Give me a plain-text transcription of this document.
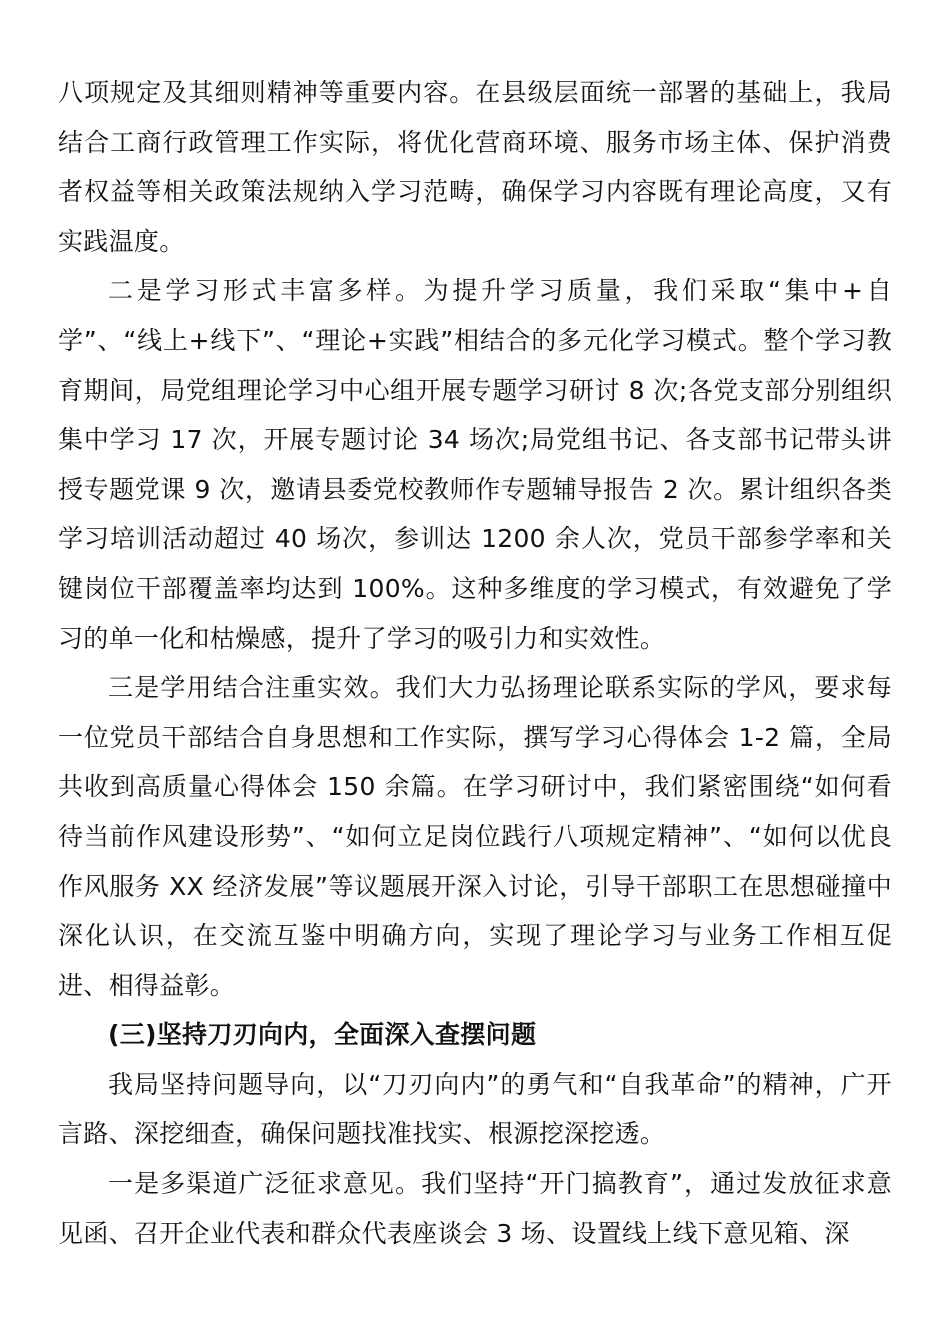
八项规定及其细则精神等重要内容。在县级层面统一部署的基础上，我局结合工商行政管理工作实际，将优化营商环境、服务市场主体、保护消费者权益等相关政策法规纳入学习范畴，确保学习内容既有理论高度，又有实践温度。

二是学习形式丰富多样。为提升学习质量，我们采取“集中+自学”、“线上+线下”、“理论+实践”相结合的多元化学习模式。整个学习教育期间，局党组理论学习中心组开展专题学习研讨 8 次;各党支部分别组织集中学习 17 次，开展专题讨论 34 场次;局党组书记、各支部书记带头讲授专题党课 9 次，邀请县委党校教师作专题辅导报告 2 次。累计组织各类学习培训活动超过 40 场次，参训达 1200 余人次，党员干部参学率和关键岗位干部覆盖率均达到 100%。这种多维度的学习模式，有效避免了学习的单一化和枯燥感，提升了学习的吸引力和实效性。

三是学用结合注重实效。我们大力弘扬理论联系实际的学风，要求每一位党员干部结合自身思想和工作实际，撰写学习心得体会 1-2 篇，全局共收到高质量心得体会 150 余篇。在学习研讨中，我们紧密围绕“如何看待当前作风建设形势”、“如何立足岗位践行八项规定精神”、“如何以优良作风服务 XX 经济发展”等议题展开深入讨论，引导干部职工在思想碰撞中深化认识，在交流互鉴中明确方向，实现了理论学习与业务工作相互促进、相得益彰。

(三)坚持刀刃向内，全面深入查摆问题

我局坚持问题导向，以“刀刃向内”的勇气和“自我革命”的精神，广开言路、深挖细查，确保问题找准找实、根源挖深挖透。

一是多渠道广泛征求意见。我们坚持“开门搞教育”，通过发放征求意见函、召开企业代表和群众代表座谈会 3 场、设置线上线下意见箱、深
